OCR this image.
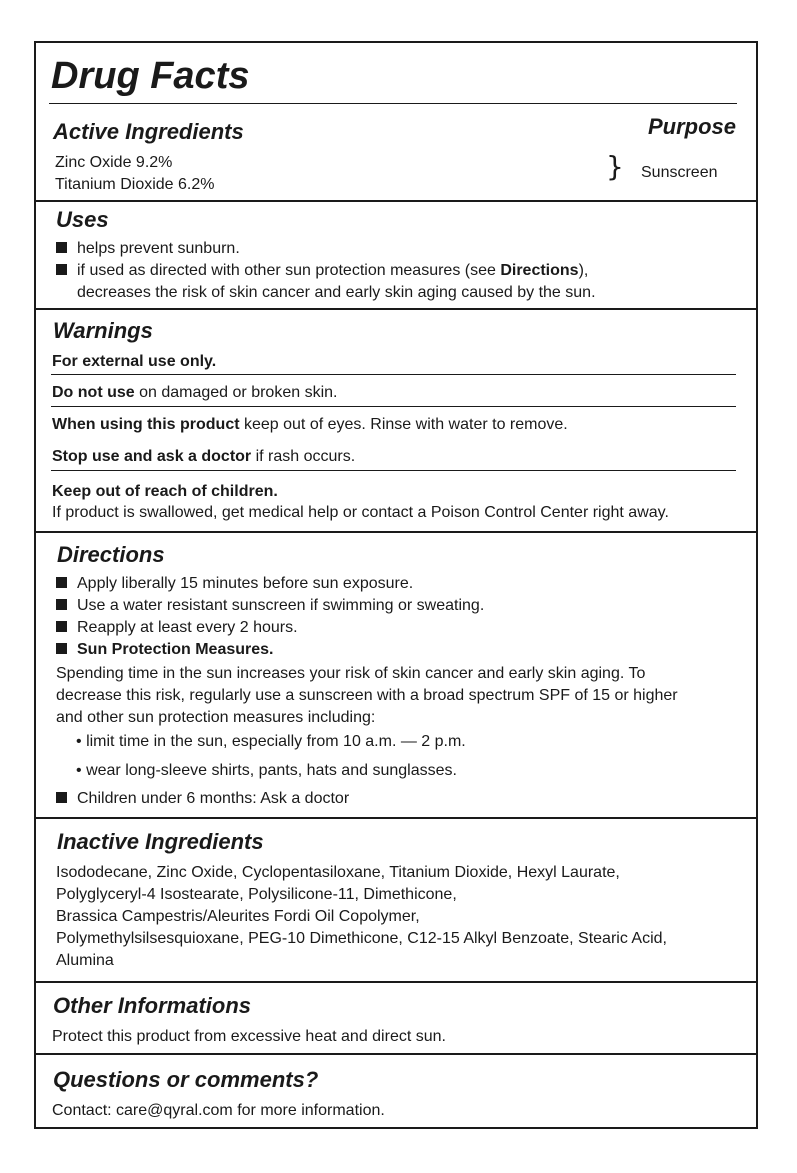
Drug Facts
Active Ingredients	Purpose
Zinc Oxide 9.2%
Titanium Dioxide 6.2%
} Sunscreen
Uses
helps prevent sunburn.
if used as directed with other sun protection measures (see Directions),
decreases the risk of skin cancer and early skin aging caused by the sun.
Warnings
For external use only.
Do not use on damaged or broken skin.
When using this product keep out of eyes. Rinse with water to remove.
Stop use and ask a doctor if rash occurs.
Keep out of reach of children.
If product is swallowed, get medical help or contact a Poison Control Center right away.
Directions
Apply liberally 15 minutes before sun exposure.
Use a water resistant sunscreen if swimming or sweating.
Reapply at least every 2 hours.
Sun Protection Measures.
Spending time in the sun increases your risk of skin cancer and early skin aging. To
decrease this risk, regularly use a sunscreen with a broad spectrum SPF of 15 or higher
and other sun protection measures including:
• limit time in the sun, especially from 10 a.m. — 2 p.m.
• wear long-sleeve shirts, pants, hats and sunglasses.
Children under 6 months: Ask a doctor
Inactive Ingredients
Isododecane, Zinc Oxide, Cyclopentasiloxane, Titanium Dioxide, Hexyl Laurate,
Polyglyceryl-4 Isostearate, Polysilicone-11, Dimethicone,
Brassica Campestris/Aleurites Fordi Oil Copolymer,
Polymethylsilsesquioxane, PEG-10 Dimethicone, C12-15 Alkyl Benzoate, Stearic Acid,
Alumina
Other Informations
Protect this product from excessive heat and direct sun.
Questions or comments?
Contact: care@qyral.com for more information.
